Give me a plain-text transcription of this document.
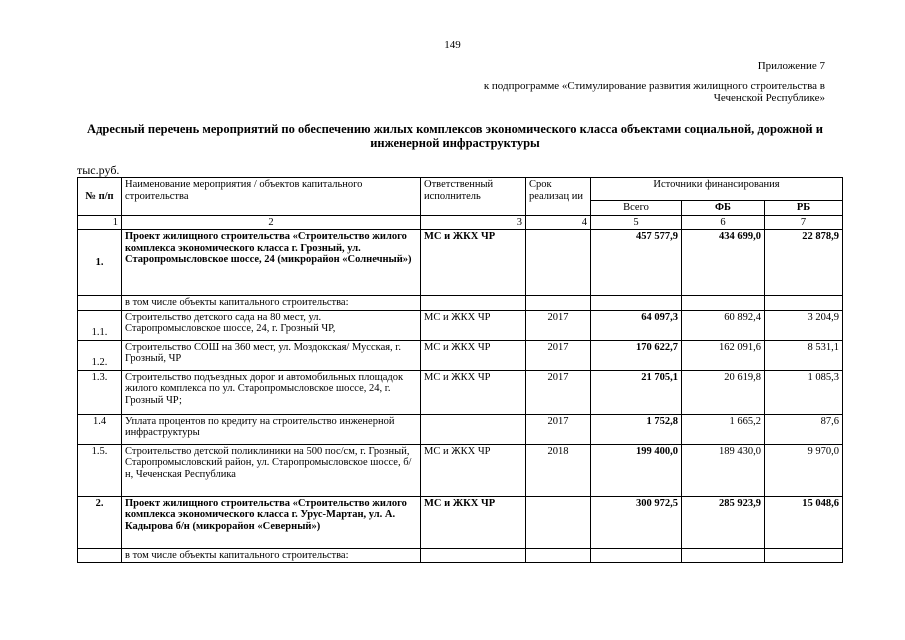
149
Приложение 7
к подпрограмме «Стимулирование развития жилищного строительства в Чеченской Республике»
Адресный перечень мероприятий по обеспечению жилых комплексов экономического класса объектами социальной, дорожной и инженерной инфраструктуры
тыс.руб.
№ п/п	Наименование мероприятия / объектов капитального строительства	Ответственный исполнитель	Срок реализац ии	Источники финансирования		
				Всего	ФБ	РБ
1	2	3	4	5	6	7
1.	Проект жилищного строительства «Строительство жилого комплекса экономического класса г. Грозный, ул. Старопромысловское шоссе, 24 (микрорайон «Солнечный»)	МС и ЖКХ ЧР		457 577,9	434 699,0	22 878,9
	в том числе объекты капитального строительства:					
1.1.	Строительство детского сада на 80 мест, ул. Старопромысловское шоссе, 24, г. Грозный ЧР,	МС и ЖКХ ЧР	2017	64 097,3	60 892,4	3 204,9
1.2.	Строительство СОШ на 360 мест, ул. Моздокская/ Мусская, г. Грозный, ЧР	МС и ЖКХ ЧР	2017	170 622,7	162 091,6	8 531,1
1.3.	Строительство подъездных дорог и автомобильных площадок жилого комплекса по ул. Старопромысловское шоссе, 24, г. Грозный ЧР;	МС и ЖКХ ЧР	2017	21 705,1	20 619,8	1 085,3
1.4	Уплата процентов по кредиту на строительство инженерной инфраструктуры		2017	1 752,8	1 665,2	87,6
1.5.	Строительство детской поликлиники на 500 пос/см, г. Грозный, Старопромысловский район, ул. Старопромысловское шоссе, б/н, Чеченская Республика	МС и ЖКХ ЧР	2018	199 400,0	189 430,0	9 970,0
2.	Проект жилищного строительства «Строительство жилого комплекса экономического класса г. Урус-Мартан, ул. А. Кадырова б/н (микрорайон «Северный»)	МС и ЖКХ ЧР		300 972,5	285 923,9	15 048,6
	в том числе объекты капитального строительства:					
